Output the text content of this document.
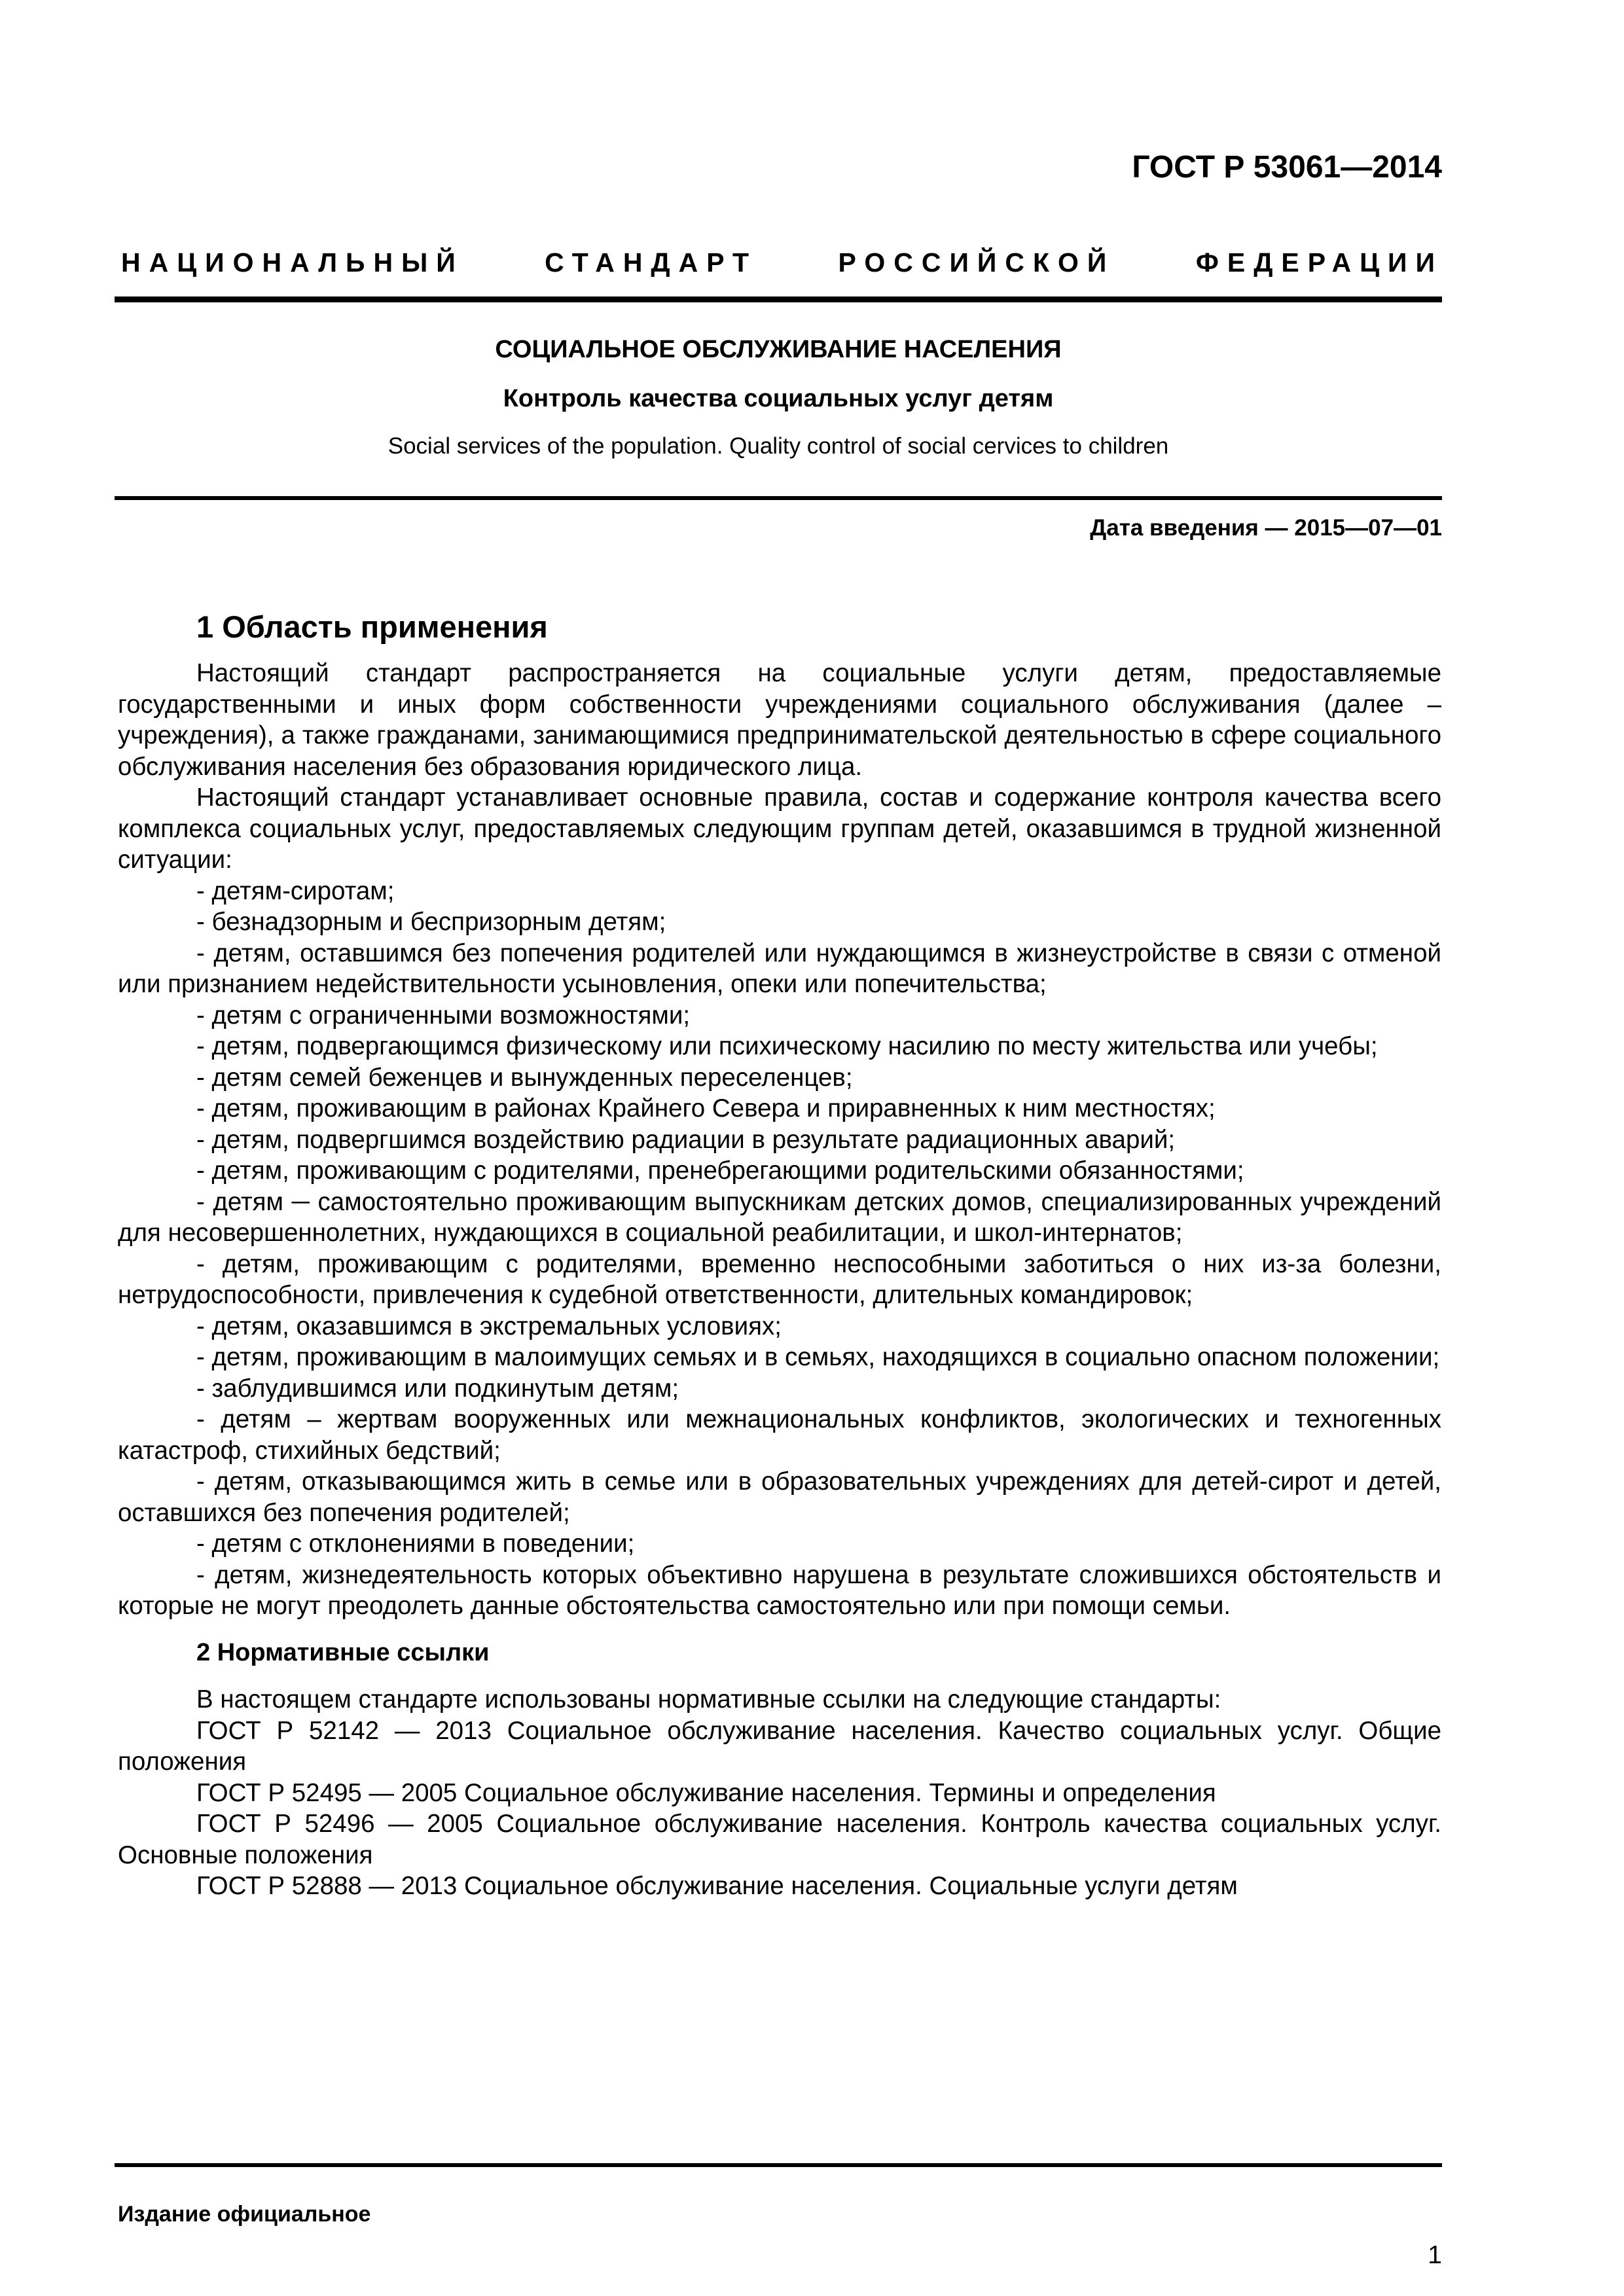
ГОСТ Р 53061—2014
НАЦИОНАЛЬНЫЙ СТАНДАРТ РОССИЙСКОЙ ФЕДЕРАЦИИ
СОЦИАЛЬНОЕ ОБСЛУЖИВАНИЕ НАСЕЛЕНИЯ
Контроль качества социальных услуг детям
Social services of the population. Quality control of social cervices to children
Дата введения — 2015—07—01
1 Область применения

Настоящий стандарт распространяется на социальные услуги детям, предоставляемые государственными и иных форм собственности учреждениями социального обслуживания (далее – учреждения), а также гражданами, занимающимися предпринимательской деятельностью в сфере социального обслуживания населения без образования юридического лица.

Настоящий стандарт устанавливает основные правила, состав и содержание контроля качества всего комплекса социальных услуг, предоставляемых следующим группам детей, оказавшимся в трудной жизненной ситуации:

- детям-сиротам;

- безнадзорным и беспризорным детям;

- детям, оставшимся без попечения родителей или нуждающимся в жизнеустройстве в связи с отменой или признанием недействительности усыновления, опеки или попечительства;

- детям с ограниченными возможностями;

- детям, подвергающимся физическому или психическому насилию по месту жительства или учебы;

- детям семей беженцев и вынужденных переселенцев;

- детям, проживающим в районах Крайнего Севера и приравненных к ним местностях;

- детям, подвергшимся воздействию радиации в результате радиационных аварий;

- детям, проживающим с родителями, пренебрегающими родительскими обязанностями;

- детям ─ самостоятельно проживающим выпускникам детских домов, специализированных учреждений для несовершеннолетних, нуждающихся в социальной реабилитации, и школ-интернатов;

- детям, проживающим с родителями, временно неспособными заботиться о них из-за болезни, нетрудоспособности, привлечения к судебной ответственности, длительных командировок;

- детям, оказавшимся в экстремальных условиях;

- детям, проживающим в малоимущих семьях и в семьях, находящихся в социально опасном положении;

- заблудившимся или подкинутым детям;

- детям – жертвам вооруженных или межнациональных конфликтов, экологических и техногенных катастроф, стихийных бедствий;

- детям, отказывающимся жить в семье или в образовательных учреждениях для детей-сирот и детей, оставшихся без попечения родителей;

- детям с отклонениями в поведении;

- детям, жизнедеятельность которых объективно нарушена в результате сложившихся обстоятельств и которые не могут преодолеть данные обстоятельства самостоятельно или при помощи семьи.

2 Нормативные ссылки

В настоящем стандарте использованы нормативные ссылки на следующие стандарты:

ГОСТ Р 52142 — 2013 Социальное обслуживание населения. Качество социальных услуг. Общие положения

ГОСТ Р 52495 — 2005 Социальное обслуживание населения. Термины и определения

ГОСТ Р 52496 — 2005 Социальное обслуживание населения. Контроль качества социальных услуг. Основные положения

ГОСТ Р 52888 — 2013 Социальное обслуживание населения. Социальные услуги детям

Издание официальное
1
